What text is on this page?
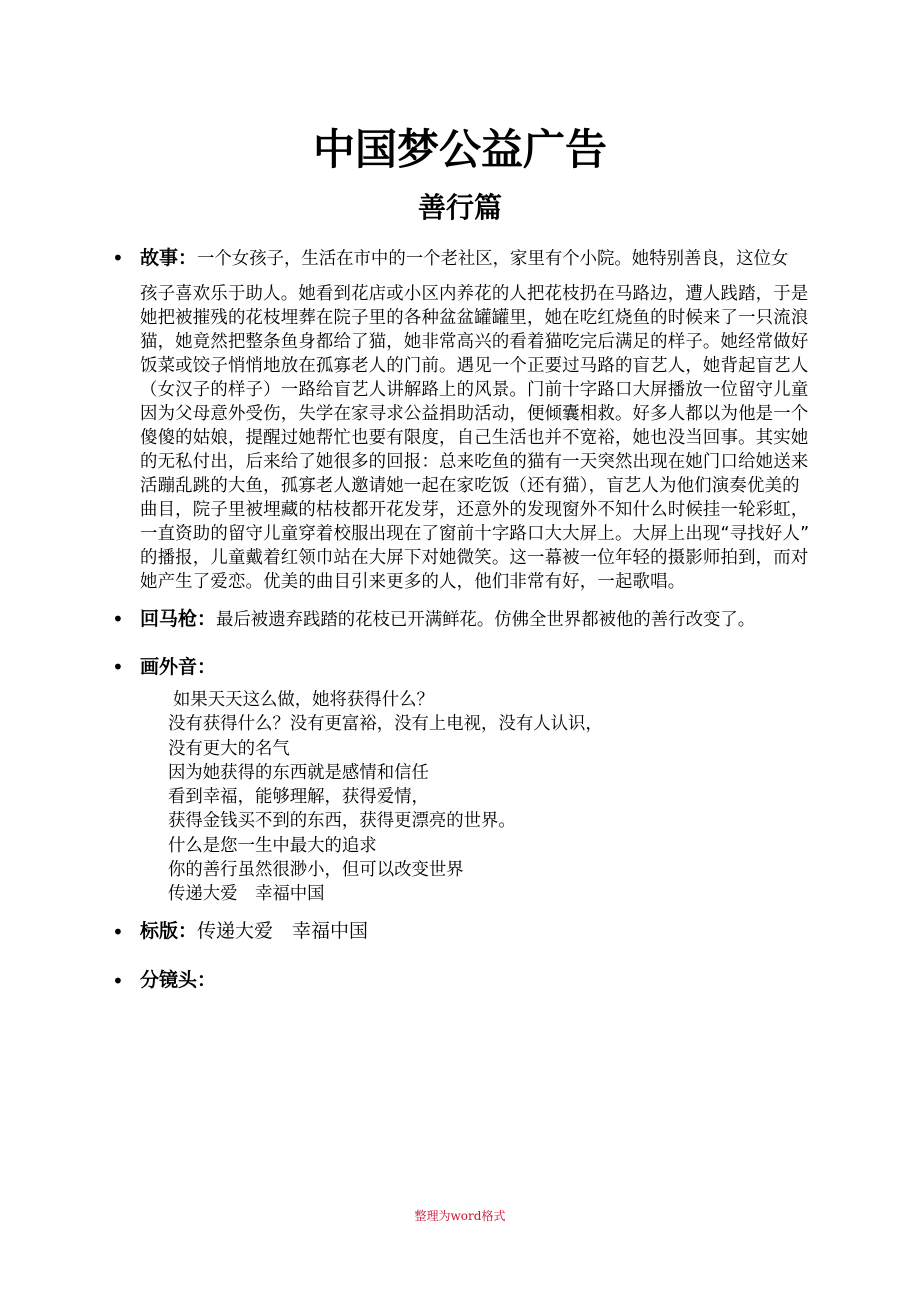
中国梦公益广告
善行篇
• 故事：一个女孩子，生活在市中的一个老社区，家里有个小院。她特别善良，这位女

孩子喜欢乐于助人。她看到花店或小区内养花的人把花枝扔在马路边，遭人践踏，于是

她把被摧残的花枝埋葬在院子里的各种盆盆罐罐里，她在吃红烧鱼的时候来了一只流浪

猫，她竟然把整条鱼身都给了猫，她非常高兴的看着猫吃完后满足的样子。她经常做好

饭菜或饺子悄悄地放在孤寡老人的门前。遇见一个正要过马路的盲艺人，她背起盲艺人

（女汉子的样子）一路给盲艺人讲解路上的风景。门前十字路口大屏播放一位留守儿童

因为父母意外受伤，失学在家寻求公益捐助活动，便倾囊相救。好多人都以为他是一个

傻傻的姑娘，提醒过她帮忙也要有限度，自己生活也并不宽裕，她也没当回事。其实她

的无私付出，后来给了她很多的回报：总来吃鱼的猫有一天突然出现在她门口给她送来

活蹦乱跳的大鱼，孤寡老人邀请她一起在家吃饭（还有猫），盲艺人为他们演奏优美的

曲目，院子里被埋藏的枯枝都开花发芽，还意外的发现窗外不知什么时候挂一轮彩虹，

一直资助的留守儿童穿着校服出现在了窗前十字路口大大屏上。大屏上出现“寻找好人”

的播报，儿童戴着红领巾站在大屏下对她微笑。这一幕被一位年轻的摄影师拍到，而对

她产生了爱恋。优美的曲目引来更多的人，他们非常有好，一起歌唱。

• 回马枪：最后被遗弃践踏的花枝已开满鲜花。仿佛全世界都被他的善行改变了。
• 画外音：

如果天天这么做，她将获得什么？

没有获得什么？没有更富裕，没有上电视，没有人认识，

没有更大的名气

因为她获得的东西就是感情和信任

看到幸福，能够理解，获得爱情，

获得金钱买不到的东西，获得更漂亮的世界。

什么是您一生中最大的追求

你的善行虽然很渺小，但可以改变世界

传递大爱　幸福中国

• 标版：传递大爱　幸福中国
• 分镜头：
整理为word格式
